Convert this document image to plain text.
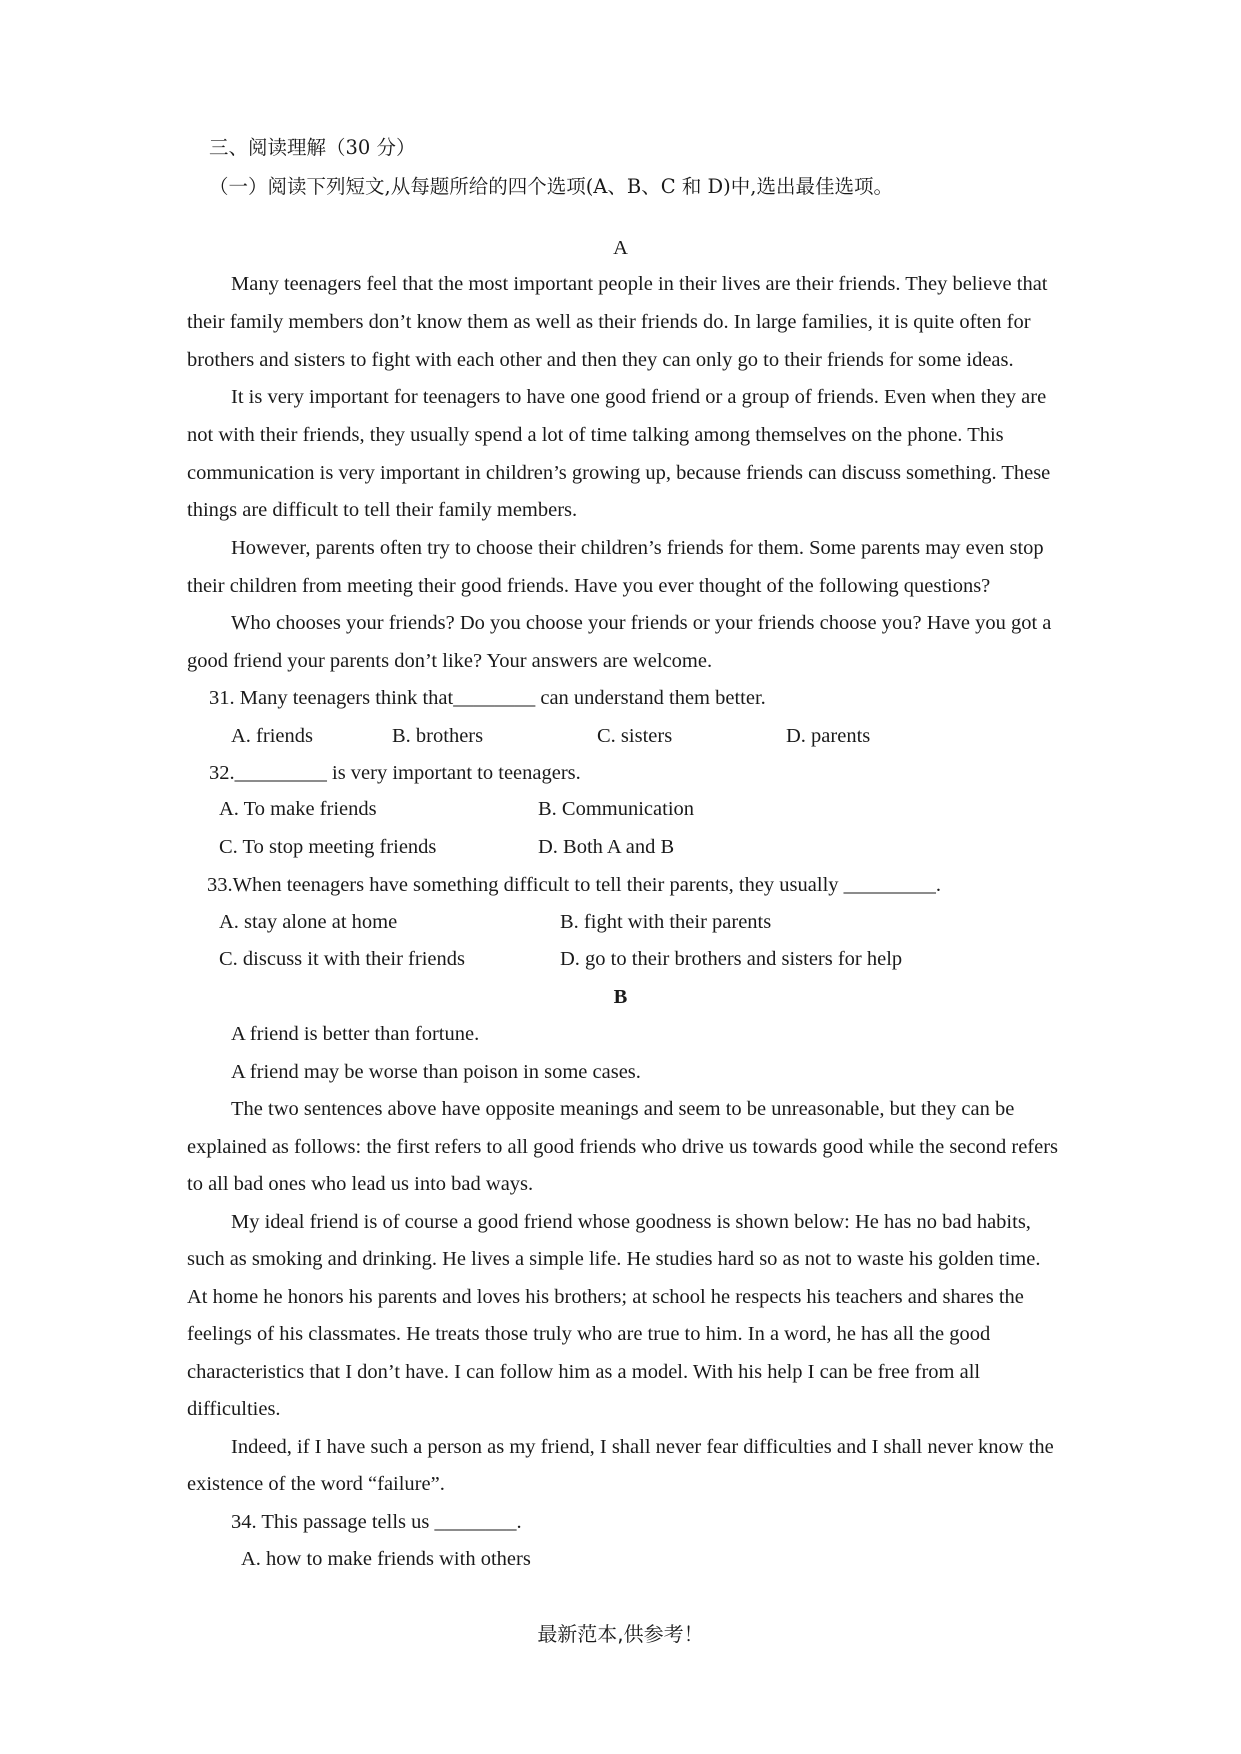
三、阅读理解（30 分）
（一）阅读下列短文,从每题所给的四个选项(A、B、C 和 D)中,选出最佳选项。
A
Many teenagers feel that the most important people in their lives are their friends. They believe that
their family members don’t know them as well as their friends do. In large families, it is quite often for
brothers and sisters to fight with each other and then they can only go to their friends for some ideas.
It is very important for teenagers to have one good friend or a group of friends. Even when they are
not with their friends, they usually spend a lot of time talking among themselves on the phone. This
communication is very important in children’s growing up, because friends can discuss something. These
things are difficult to tell their family members.
However, parents often try to choose their children’s friends for them. Some parents may even stop
their children from meeting their good friends. Have you ever thought of the following questions?
Who chooses your friends? Do you choose your friends or your friends choose you? Have you got a
good friend your parents don’t like? Your answers are welcome.
31. Many teenagers think that________ can understand them better.
A. friends	B. brothers	C. sisters	D. parents
32._________ is very important to teenagers.
A. To make friends	B. Communication
C. To stop meeting friends	D. Both A and B
33.When teenagers have something difficult to tell their parents, they usually _________.
A. stay alone at home	B. fight with their parents
C. discuss it with their friends	D. go to their brothers and sisters for help
B
A friend is better than fortune.
A friend may be worse than poison in some cases.
The two sentences above have opposite meanings and seem to be unreasonable, but they can be
explained as follows: the first refers to all good friends who drive us towards good while the second refers
to all bad ones who lead us into bad ways.
My ideal friend is of course a good friend whose goodness is shown below: He has no bad habits,
such as smoking and drinking. He lives a simple life. He studies hard so as not to waste his golden time.
At home he honors his parents and loves his brothers; at school he respects his teachers and shares the
feelings of his classmates. He treats those truly who are true to him. In a word, he has all the good
characteristics that I don’t have. I can follow him as a model. With his help I can be free from all
difficulties.
Indeed, if I have such a person as my friend, I shall never fear difficulties and I shall never know the
existence of the word “failure”.
34. This passage tells us ________.
A. how to make friends with others
最新范本,供参考！
